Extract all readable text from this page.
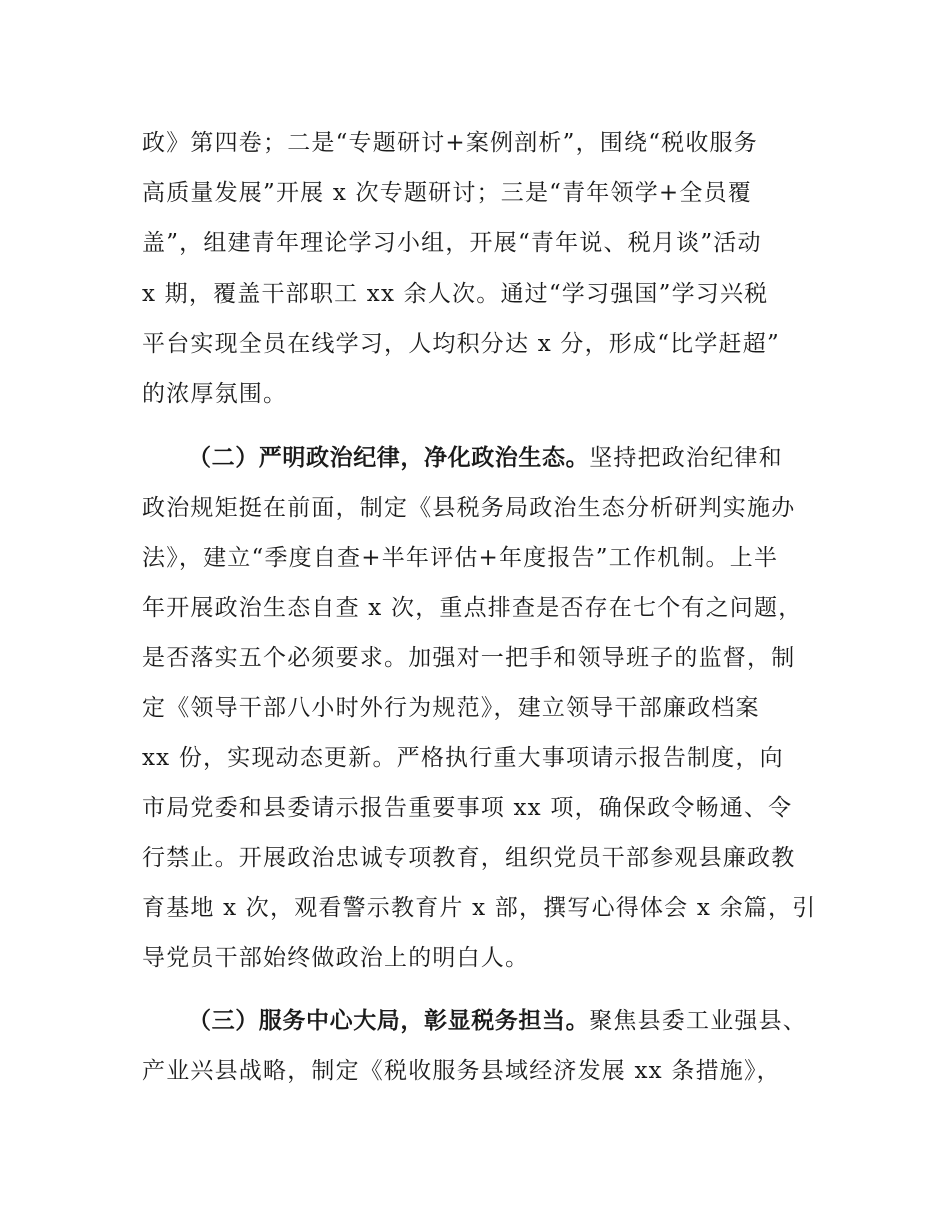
政》第四卷；二是“专题研讨+案例剖析”，围绕“税收服务
高质量发展”开展 x 次专题研讨；三是“青年领学+全员覆
盖”，组建青年理论学习小组，开展“青年说、税月谈”活动
x 期，覆盖干部职工 xx 余人次。通过“学习强国”学习兴税
平台实现全员在线学习，人均积分达 x 分，形成“比学赶超”
的浓厚氛围。
（二）严明政治纪律，净化政治生态。坚持把政治纪律和
政治规矩挺在前面，制定《县税务局政治生态分析研判实施办
法》，建立“季度自查+半年评估+年度报告”工作机制。上半
年开展政治生态自查 x 次，重点排查是否存在七个有之问题，
是否落实五个必须要求。加强对一把手和领导班子的监督，制
定《领导干部八小时外行为规范》，建立领导干部廉政档案
xx 份，实现动态更新。严格执行重大事项请示报告制度，向
市局党委和县委请示报告重要事项 xx 项，确保政令畅通、令
行禁止。开展政治忠诚专项教育，组织党员干部参观县廉政教
育基地 x 次，观看警示教育片 x 部，撰写心得体会 x 余篇，引
导党员干部始终做政治上的明白人。
（三）服务中心大局，彰显税务担当。聚焦县委工业强县、
产业兴县战略，制定《税收服务县域经济发展 xx 条措施》，
